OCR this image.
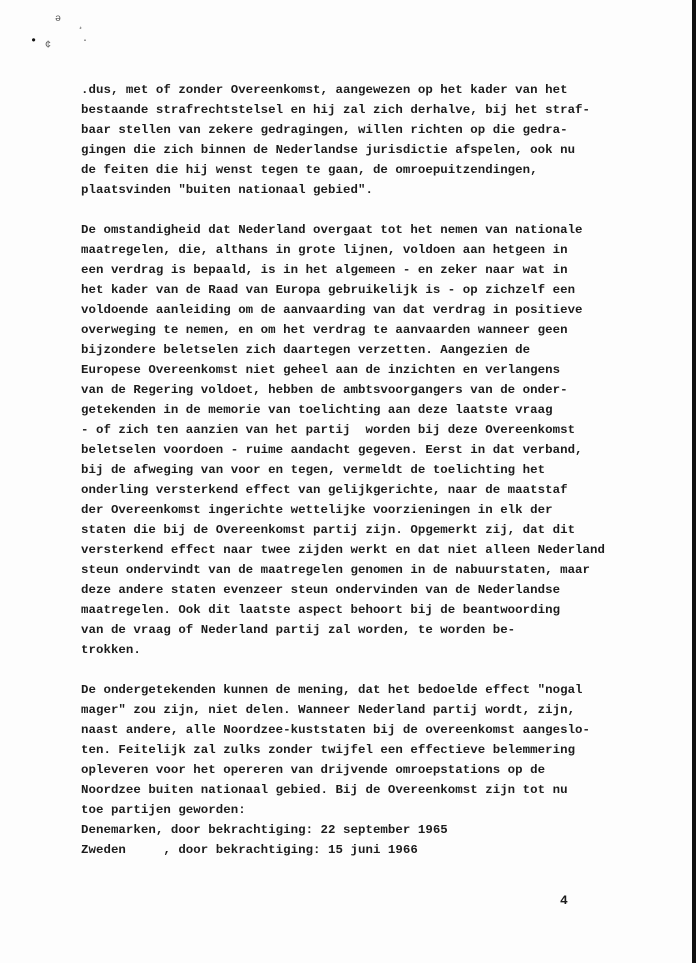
ə
¸
• ¢	·
.dus, met of zonder Overeenkomst, aangewezen op het kader van het
bestaande strafrechtstelsel en hij zal zich derhalve, bij het straf-
baar stellen van zekere gedragingen, willen richten op die gedra-
gingen die zich binnen de Nederlandse jurisdictie afspelen, ook nu
de feiten die hij wenst tegen te gaan, de omroepuitzendingen,
plaatsvinden "buiten nationaal gebied".
De omstandigheid dat Nederland overgaat tot het nemen van nationale
maatregelen, die, althans in grote lijnen, voldoen aan hetgeen in
een verdrag is bepaald, is in het algemeen - en zeker naar wat in
het kader van de Raad van Europa gebruikelijk is - op zichzelf een
voldoende aanleiding om de aanvaarding van dat verdrag in positieve
overweging te nemen, en om het verdrag te aanvaarden wanneer geen
bijzondere beletselen zich daartegen verzetten. Aangezien de
Europese Overeenkomst niet geheel aan de inzichten en verlangens
van de Regering voldoet, hebben de ambtsvoorgangers van de onder-
getekenden in de memorie van toelichting aan deze laatste vraag
- of zich ten aanzien van het partij  worden bij deze Overeenkomst
beletselen voordoen - ruime aandacht gegeven. Eerst in dat verband,
bij de afweging van voor en tegen, vermeldt de toelichting het
onderling versterkend effect van gelijkgerichte, naar de maatstaf
der Overeenkomst ingerichte wettelijke voorzieningen in elk der
staten die bij de Overeenkomst partij zijn. Opgemerkt zij, dat dit
versterkend effect naar twee zijden werkt en dat niet alleen Nederland
steun ondervindt van de maatregelen genomen in de nabuurstaten, maar
deze andere staten evenzeer steun ondervinden van de Nederlandse
maatregelen. Ook dit laatste aspect behoort bij de beantwoording
van de vraag of Nederland partij zal worden, te worden be-
trokken.
De ondergetekenden kunnen de mening, dat het bedoelde effect "nogal
mager" zou zijn, niet delen. Wanneer Nederland partij wordt, zijn,
naast andere, alle Noordzee-kuststaten bij de overeenkomst aangeslo-
ten. Feitelijk zal zulks zonder twijfel een effectieve belemmering
opleveren voor het opereren van drijvende omroepstations op de
Noordzee buiten nationaal gebied. Bij de Overeenkomst zijn tot nu
toe partijen geworden:
Denemarken, door bekrachtiging: 22 september 1965
Zweden     , door bekrachtiging: 15 juni 1966
4
